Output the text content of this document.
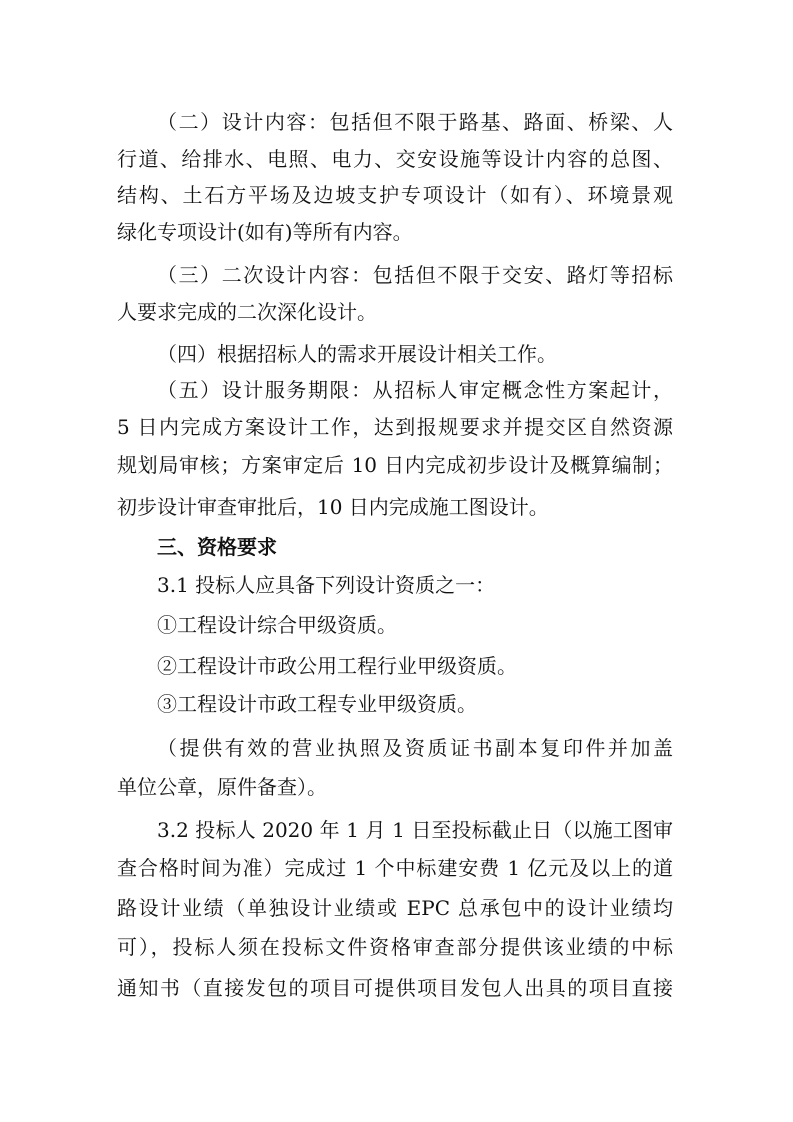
（二）设计内容：包括但不限于路基、路面、桥梁、人
行道、给排水、电照、电力、交安设施等设计内容的总图、
结构、土石方平场及边坡支护专项设计（如有）、环境景观
绿化专项设计(如有)等所有内容。
（三）二次设计内容：包括但不限于交安、路灯等招标
人要求完成的二次深化设计。
（四）根据招标人的需求开展设计相关工作。
（五）设计服务期限：从招标人审定概念性方案起计，
5 日内完成方案设计工作，达到报规要求并提交区自然资源
规划局审核；方案审定后 10 日内完成初步设计及概算编制；
初步设计审查审批后，10 日内完成施工图设计。
三、资格要求
3.1 投标人应具备下列设计资质之一：
①工程设计综合甲级资质。
②工程设计市政公用工程行业甲级资质。
③工程设计市政工程专业甲级资质。
（提供有效的营业执照及资质证书副本复印件并加盖
单位公章，原件备查）。
3.2 投标人 2020 年 1 月 1 日至投标截止日（以施工图审
查合格时间为准）完成过 1 个中标建安费 1 亿元及以上的道
路设计业绩（单独设计业绩或 EPC 总承包中的设计业绩均
可），投标人须在投标文件资格审查部分提供该业绩的中标
通知书（直接发包的项目可提供项目发包人出具的项目直接
